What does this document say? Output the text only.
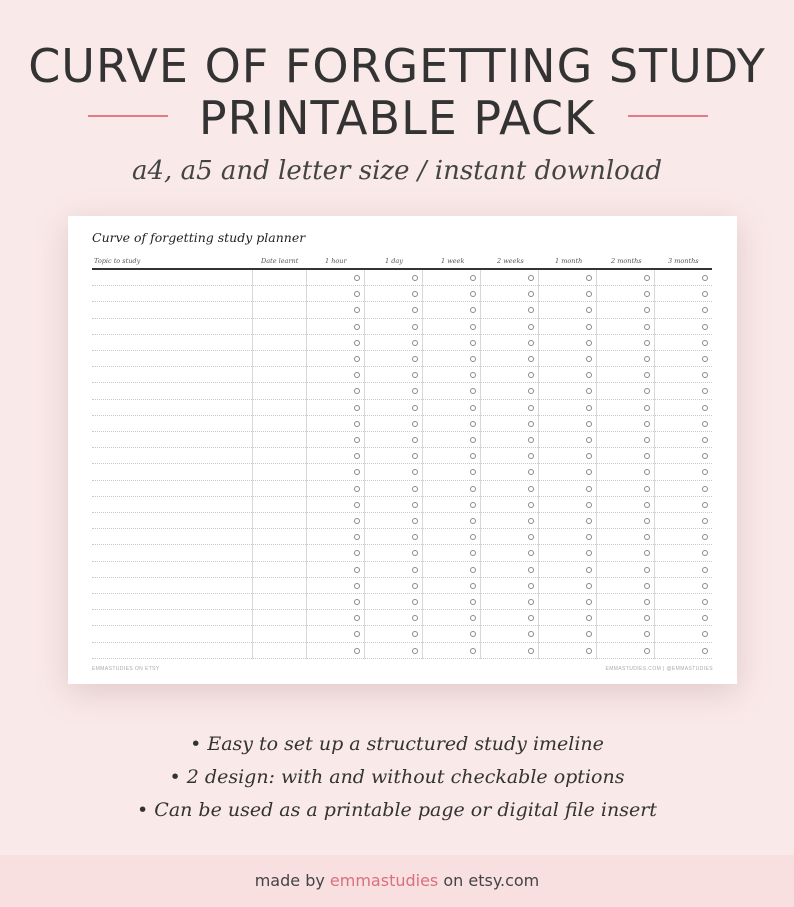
CURVE OF FORGETTING STUDY
PRINTABLE PACK
a4, a5 and letter size / instant download
Curve of forgetting study planner
Topic to study	Date learnt	1 hour	1 day	1 week	2 weeks	1 month	2 months	3 months
EMMASTUDIES ON ETSY	EMMASTUDIES.COM | @EMMASTUDIES
• Easy to set up a structured study imeline
• 2 design: with and without checkable options
• Can be used as a printable page or digital file insert
made by emmastudies on etsy.com
